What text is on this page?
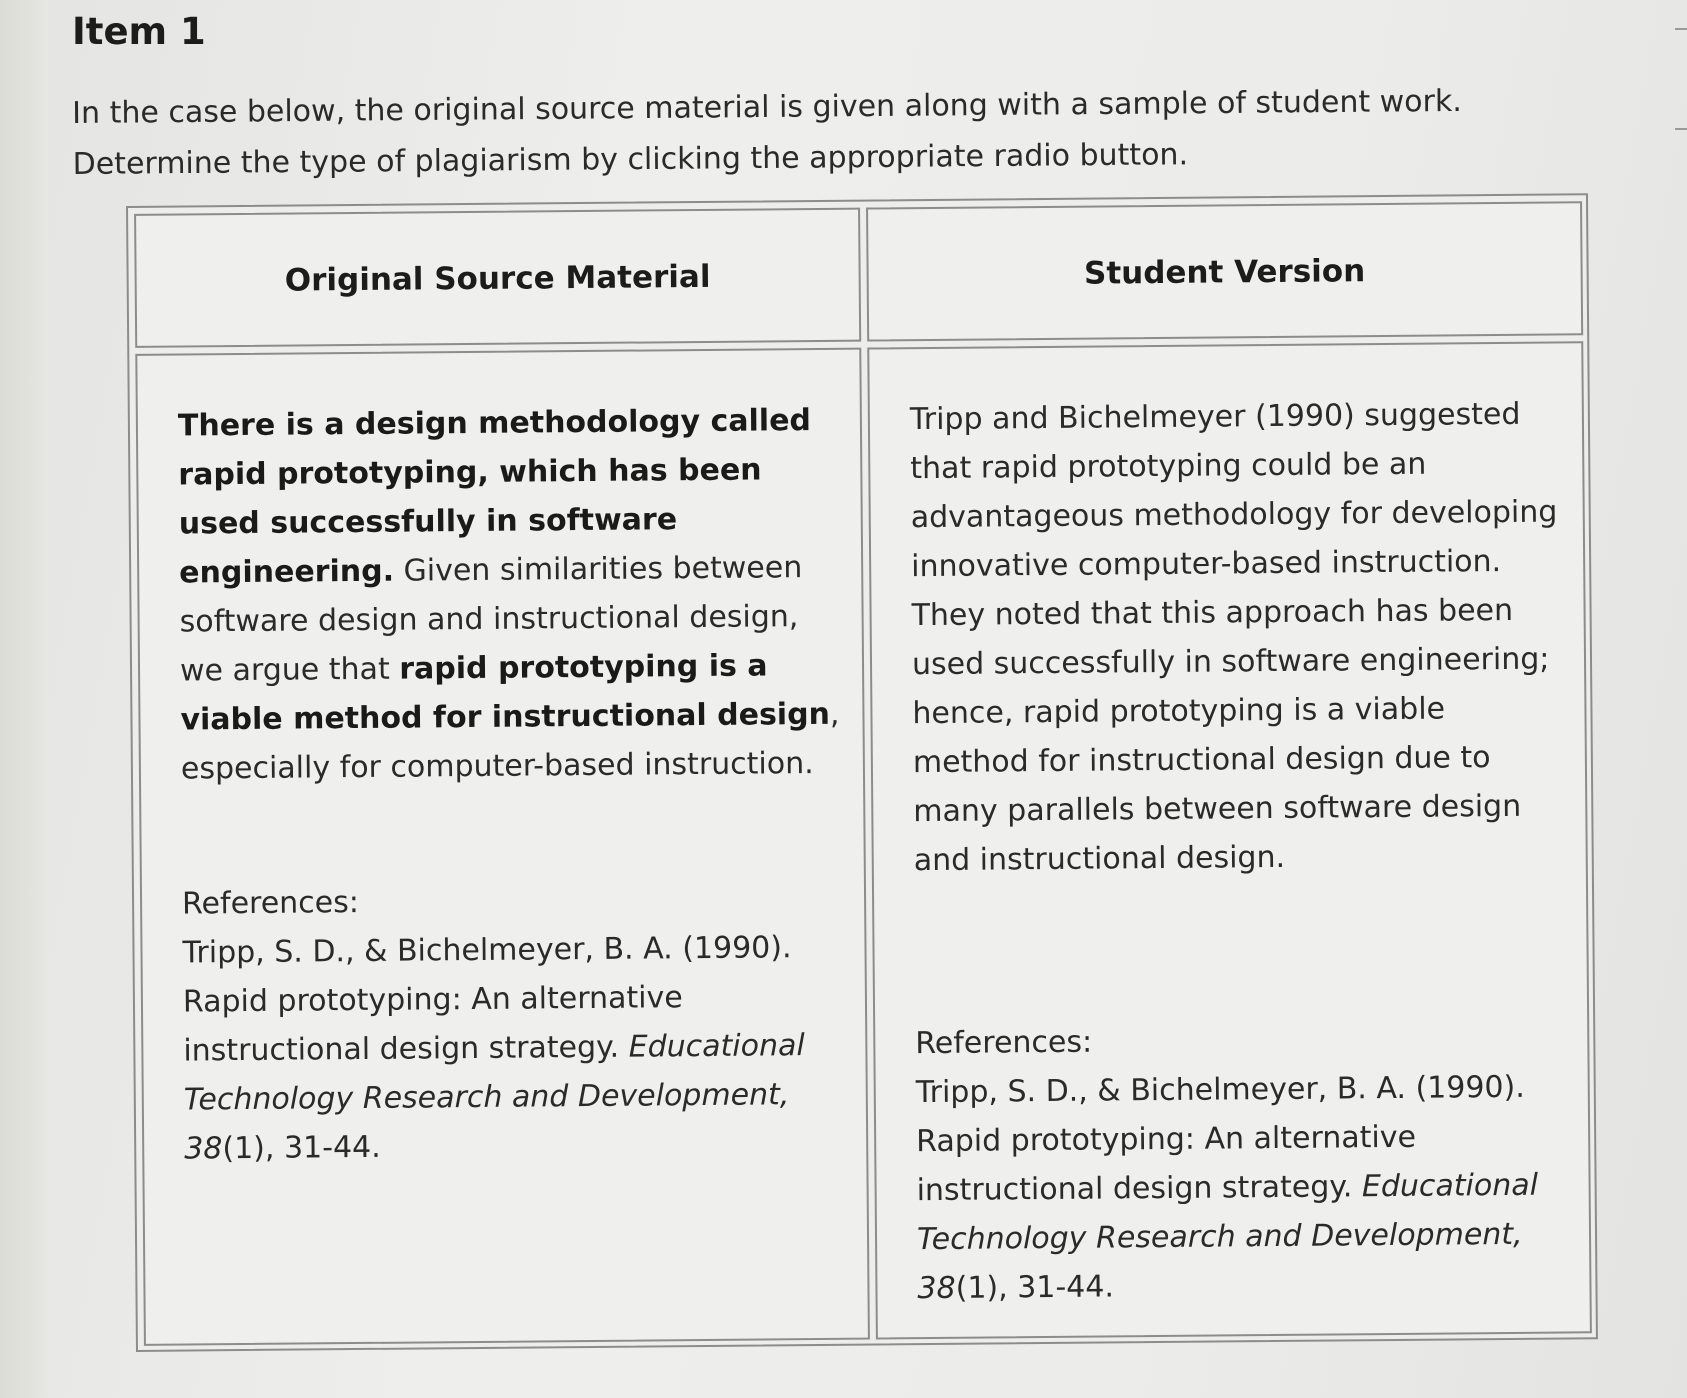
Item 1
In the case below, the original source material is given along with a sample of student work.
Determine the type of plagiarism by clicking the appropriate radio button.
Original Source Material	Student Version

There is a design methodology called rapid prototyping, which has been used successfully in software engineering. Given similarities between software design and instructional design, we argue that rapid prototyping is a viable method for instructional design, especially for computer-based instruction.

References:

Tripp, S. D., & Bichelmeyer, B. A. (1990). Rapid prototyping: An alternative instructional design strategy. Educational Technology Research and Development, 38(1), 31-44.

Tripp and Bichelmeyer (1990) suggested that rapid prototyping could be an advantageous methodology for developing innovative computer-based instruction. They noted that this approach has been used successfully in software engineering; hence, rapid prototyping is a viable method for instructional design due to many parallels between software design and instructional design.

References:

Tripp, S. D., & Bichelmeyer, B. A. (1990). Rapid prototyping: An alternative instructional design strategy. Educational Technology Research and Development, 38(1), 31-44.
